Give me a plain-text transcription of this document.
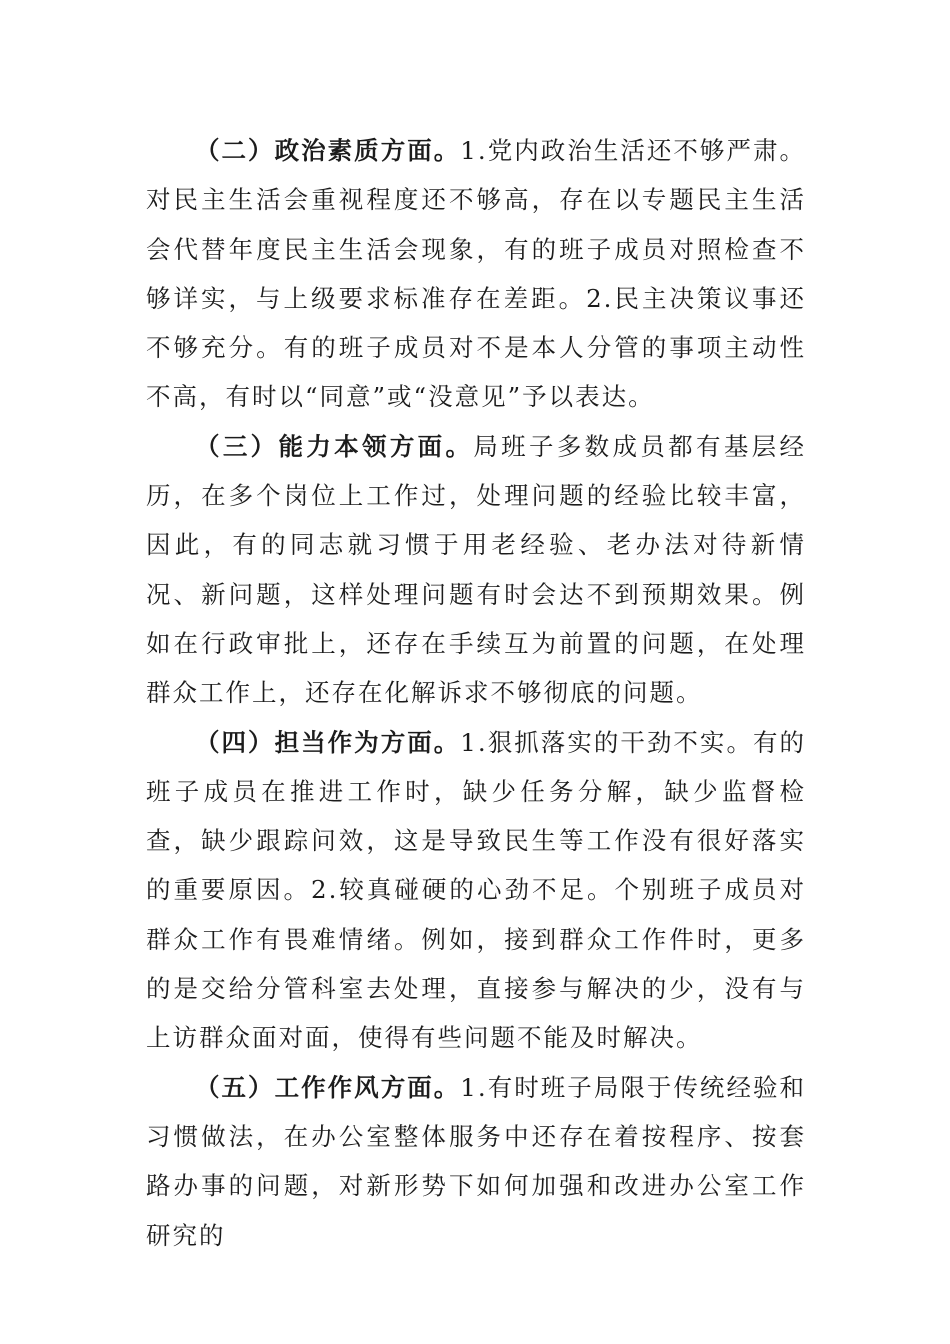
（二）政治素质方面。1.党内政治生活还不够严肃。对民主生活会重视程度还不够高，存在以专题民主生活会代替年度民主生活会现象，有的班子成员对照检查不够详实，与上级要求标准存在差距。2.民主决策议事还不够充分。有的班子成员对不是本人分管的事项主动性不高，有时以“同意”或“没意见”予以表达。

（三）能力本领方面。局班子多数成员都有基层经历，在多个岗位上工作过，处理问题的经验比较丰富，因此，有的同志就习惯于用老经验、老办法对待新情况、新问题，这样处理问题有时会达不到预期效果。例如在行政审批上，还存在手续互为前置的问题，在处理群众工作上，还存在化解诉求不够彻底的问题。

（四）担当作为方面。1.狠抓落实的干劲不实。有的班子成员在推进工作时，缺少任务分解，缺少监督检查，缺少跟踪问效，这是导致民生等工作没有很好落实的重要原因。2.较真碰硬的心劲不足。个别班子成员对群众工作有畏难情绪。例如，接到群众工作件时，更多的是交给分管科室去处理，直接参与解决的少，没有与上访群众面对面，使得有些问题不能及时解决。

（五）工作作风方面。1.有时班子局限于传统经验和习惯做法，在办公室整体服务中还存在着按程序、按套路办事的问题，对新形势下如何加强和改进办公室工作研究的
